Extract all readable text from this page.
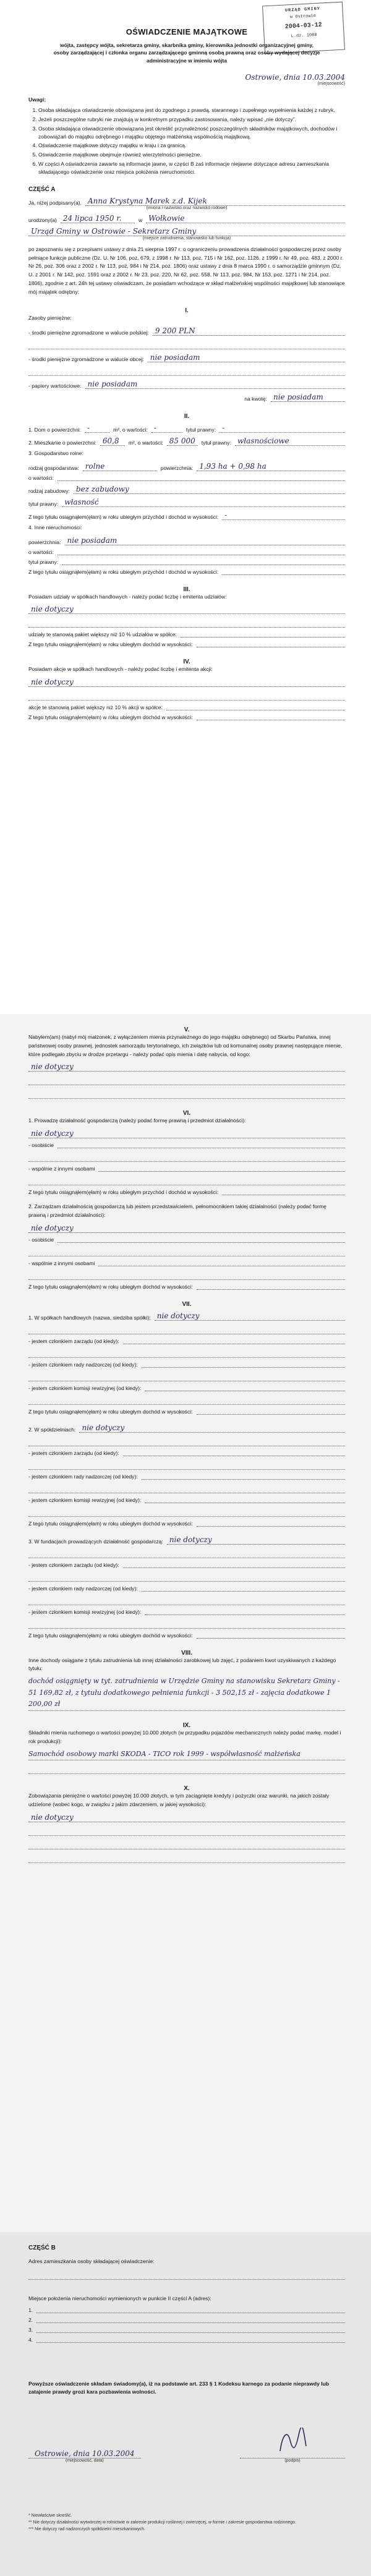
URZĄD GMINY
w Ostrowie
2004-03-12
L.dz. 1088
OŚWIADCZENIE MAJĄTKOWE
wójta, zastępcy wójta, sekretarza gminy, skarbnika gminy, kierownika jednostki organizacyjnej gminy, osoby zarządzającej i członka organu zarządzającego gminną osobą prawną oraz osoby wydającej decyzje administracyjne w imieniu wójta
Ostrowie, dnia 10.03.2004
(miejscowość)
Uwagi:
1. Osoba składająca oświadczenie obowiązana jest do zgodnego z prawdą, starannego i zupełnego wypełnienia każdej z rubryk.
2. Jeżeli poszczególne rubryki nie znajdują w konkretnym przypadku zastosowania, należy wpisać „nie dotyczy”.
3. Osoba składająca oświadczenie obowiązana jest określić przynależność poszczególnych składników majątkowych, dochodów i zobowiązań do majątku odrębnego i majątku objętego małżeńską wspólnością majątkową.
4. Oświadczenie majątkowe dotyczy majątku w kraju i za granicą.
5. Oświadczenie majątkowe obejmuje również wierzytelności pieniężne.
6. W części A oświadczenia zawarte są informacje jawne, w części B zaś informacje niejawne dotyczące adresu zamieszkania składającego oświadczenie oraz miejsca położenia nieruchomości.
CZĘŚĆ A
Ja, niżej podpisany(a), Anna Krystyna Marek z.d. Kijek
(imiona i nazwisko oraz nazwisko rodowe)
urodzony(a) 24 lipca 1950 r.	w Wołkowie
Urząd Gminy w Ostrowie - Sekretarz Gminy
(miejsce zatrudnienia, stanowisko lub funkcja)
po zapoznaniu się z przepisami ustawy z dnia 21 sierpnia 1997 r. o ograniczeniu prowadzenia działalności gospodarczej przez osoby pełniące funkcje publiczne (Dz. U. Nr 106, poz. 679, z 1998 r. Nr 113, poz. 715 i Nr 162, poz. 1126, z 1999 r. Nr 49, poz. 483, z 2000 r. Nr 26, poz. 306 oraz z 2002 r. Nr 113, poz. 984 i Nr 214, poz. 1806) oraz ustawy z dnia 8 marca 1990 r. o samorządzie gminnym (Dz. U. z 2001 r. Nr 142, poz. 1591 oraz z 2002 r. Nr 23, poz. 220, Nr 62, poz. 558, Nr 113, poz. 984, Nr 153, poz. 1271 i Nr 214, poz. 1806), zgodnie z art. 24h tej ustawy oświadczam, że posiadam wchodzące w skład małżeńskiej wspólności majątkowej lub stanowiące mój majątek odrębny:
I.
Zasoby pieniężne:
- środki pieniężne zgromadzone w walucie polskiej: 9 200 PLN
- środki pieniężne zgromadzone w walucie obcej: nie posiadam
- papiery wartościowe: nie posiadam
na kwotę: nie posiadam
II.
1. Dom o powierzchni: -	m², o wartości: -	tytuł prawny: -
2. Mieszkanie o powierzchni: 60,8	m², o wartości: 85 000	tytuł prawny: własnościowe
3. Gospodarstwo rolne:
rodzaj gospodarstwa: rolne	powierzchnia: 1,93 ha + 0,98 ha
o wartości:
rodzaj zabudowy: bez zabudowy
tytuł prawny: własność
Z tego tytułu osiągnąłem(ęłam) w roku ubiegłym przychód i dochód w wysokości: -
4. Inne nieruchomości:
powierzchnia: nie posiadam
o wartości:
tytuł prawny:
Z tego tytułu osiągnąłem(ęłam) w roku ubiegłym przychód i dochód w wysokości:
III.
Posiadam udziały w spółkach handlowych - należy podać liczbę i emitenta udziałów:
nie dotyczy
udziały te stanowią pakiet większy niż 10 % udziałów w spółce:
Z tego tytułu osiągnąłem(ęłam) w roku ubiegłym dochód w wysokości:
IV.
Posiadam akcje w spółkach handlowych - należy podać liczbę i emitenta akcji:
nie dotyczy
akcje te stanowią pakiet większy niż 10 % akcji w spółce:
Z tego tytułu osiągnąłem(ęłam) w roku ubiegłym dochód w wysokości:
V.
Nabyłem(am) (nabył mój małżonek, z wyłączeniem mienia przynależnego do jego majątku odrębnego) od Skarbu Państwa, innej państwowej osoby prawnej, jednostek samorządu terytorialnego, ich związków lub od komunalnej osoby prawnej następujące mienie, które podlegało zbyciu w drodze przetargu - należy podać opis mienia i datę nabycia, od kogo:
nie dotyczy
VI.
1. Prowadzę działalność gospodarczą (należy podać formę prawną i przedmiot działalności):
nie dotyczy
- osobiście
- wspólnie z innymi osobami
Z tego tytułu osiągnąłem(ęłam) w roku ubiegłym przychód i dochód w wysokości:
2. Zarządzam działalnością gospodarczą lub jestem przedstawicielem, pełnomocnikiem takiej działalności (należy podać formę prawną i przedmiot działalności):
nie dotyczy
- osobiście
- wspólnie z innymi osobami
Z tego tytułu osiągnąłem(ęłam) w roku ubiegłym dochód w wysokości:
VII.
1. W spółkach handlowych (nazwa, siedziba spółki): nie dotyczy
- jestem członkiem zarządu (od kiedy):
- jestem członkiem rady nadzorczej (od kiedy):
- jestem członkiem komisji rewizyjnej (od kiedy):
Z tego tytułu osiągnąłem(ęłam) w roku ubiegłym dochód w wysokości:
2. W spółdzielniach: nie dotyczy
- jestem członkiem zarządu (od kiedy):
- jestem członkiem rady nadzorczej (od kiedy):
- jestem członkiem komisji rewizyjnej (od kiedy):
Z tego tytułu osiągnąłem(ęłam) w roku ubiegłym dochód w wysokości:
3. W fundacjach prowadzących działalność gospodarczą: nie dotyczy
- jestem członkiem zarządu (od kiedy):
- jestem członkiem rady nadzorczej (od kiedy):
- jestem członkiem komisji rewizyjnej (od kiedy):
Z tego tytułu osiągnąłem(ęłam) w roku ubiegłym dochód w wysokości:
VIII.
Inne dochody osiągane z tytułu zatrudnienia lub innej działalności zarobkowej lub zajęć, z podaniem kwot uzyskiwanych z każdego tytułu:
dochód osiągnięty w tyt. zatrudnienia w Urzędzie Gminy na stanowisku Sekretarz Gminy - 51 169,82 zł, z tytułu dodatkowego pełnienia funkcji - 3 502,15 zł - zajęcia dodatkowe 1 200,00 zł
IX.
Składniki mienia ruchomego o wartości powyżej 10.000 złotych (w przypadku pojazdów mechanicznych należy podać markę, model i rok produkcji):
Samochód osobowy marki SKODA - TICO rok 1999 - współwłasność małżeńska
X.
Zobowiązania pieniężne o wartości powyżej 10.000 złotych, w tym zaciągnięte kredyty i pożyczki oraz warunki, na jakich zostały udzielone (wobec kogo, w związku z jakim zdarzeniem, w jakiej wysokości):
nie dotyczy
CZĘŚĆ B
Adres zamieszkania osoby składającej oświadczenie:
Miejsce położenia nieruchomości wymienionych w punkcie II części A (adres):
1.
2.
3.
4.
Powyższe oświadczenie składam świadomy(a), iż na podstawie art. 233 § 1 Kodeksu karnego za podanie nieprawdy lub zatajenie prawdy grozi kara pozbawienia wolności.
Ostrowie, dnia 10.03.2004
(miejscowość, data)	(podpis)
* Niewłaściwe skreślić.
** Nie dotyczy działalności wytwórczej w rolnictwie w zakresie produkcji roślinnej i zwierzęcej, w formie i zakresie gospodarstwa rodzinnego.
*** Nie dotyczy rad nadzorczych spółdzielni mieszkaniowych.
